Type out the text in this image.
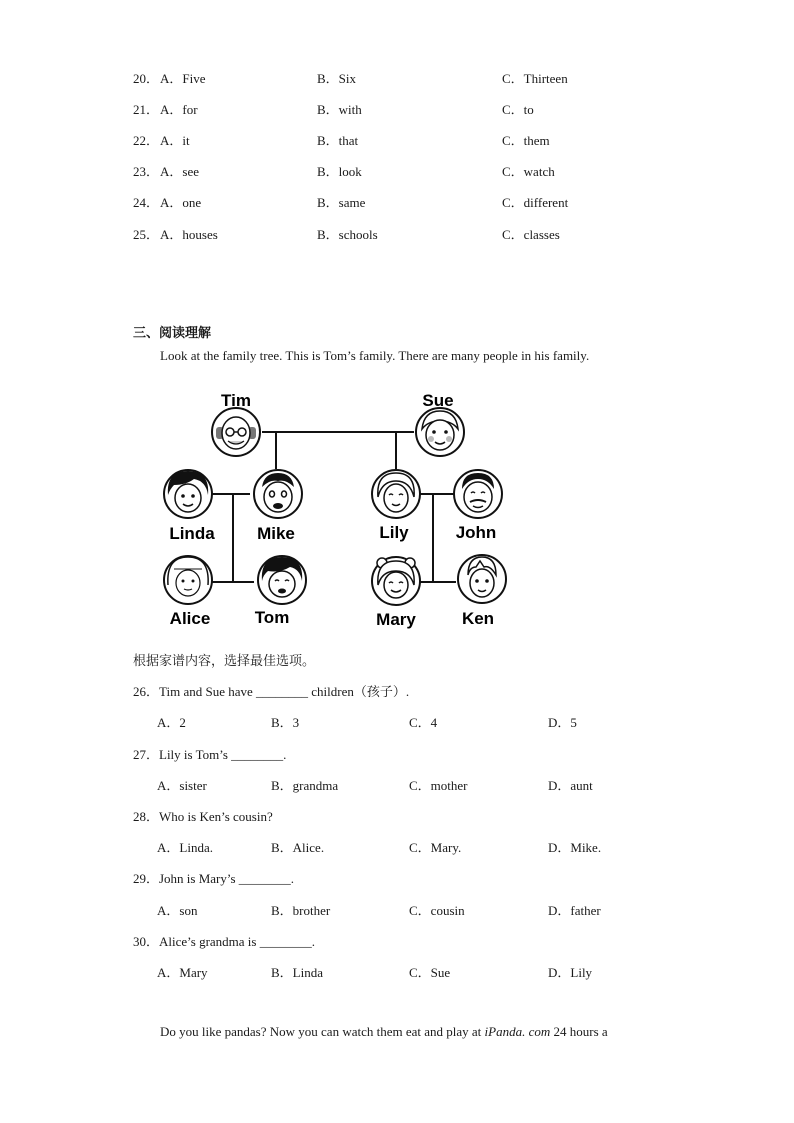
20． A．Five	B．Six	C．Thirteen
21． A．for	B．with	C．to
22． A．it	B．that	C．them
23． A．see	B．look	C．watch
24． A．one	B．same	C．different
25． A．houses	B．schools	C．classes
三、阅读理解
Look at the family tree. This is Tom’s family. There are many people in his family.
Tim	Sue
Linda Mike	Lily	John
Alice	Tom	Mary	Ken
根据家谱内容，选择最佳选项。
26．Tim and Sue have ________ children（孩子）.
A．2	B．3	C．4	D．5
27．Lily is Tom’s ________.
A．sister	B．grandma	C．mother	D．aunt
28．Who is Ken’s cousin?
A．Linda.	B．Alice.	C．Mary.	D．Mike.
29．John is Mary’s ________.
A．son	B．brother	C．cousin	D．father
30．Alice’s grandma is ________.
A．Mary	B．Linda	C．Sue	D．Lily
Do you like pandas? Now you can watch them eat and play at iPanda. com 24 hours a
